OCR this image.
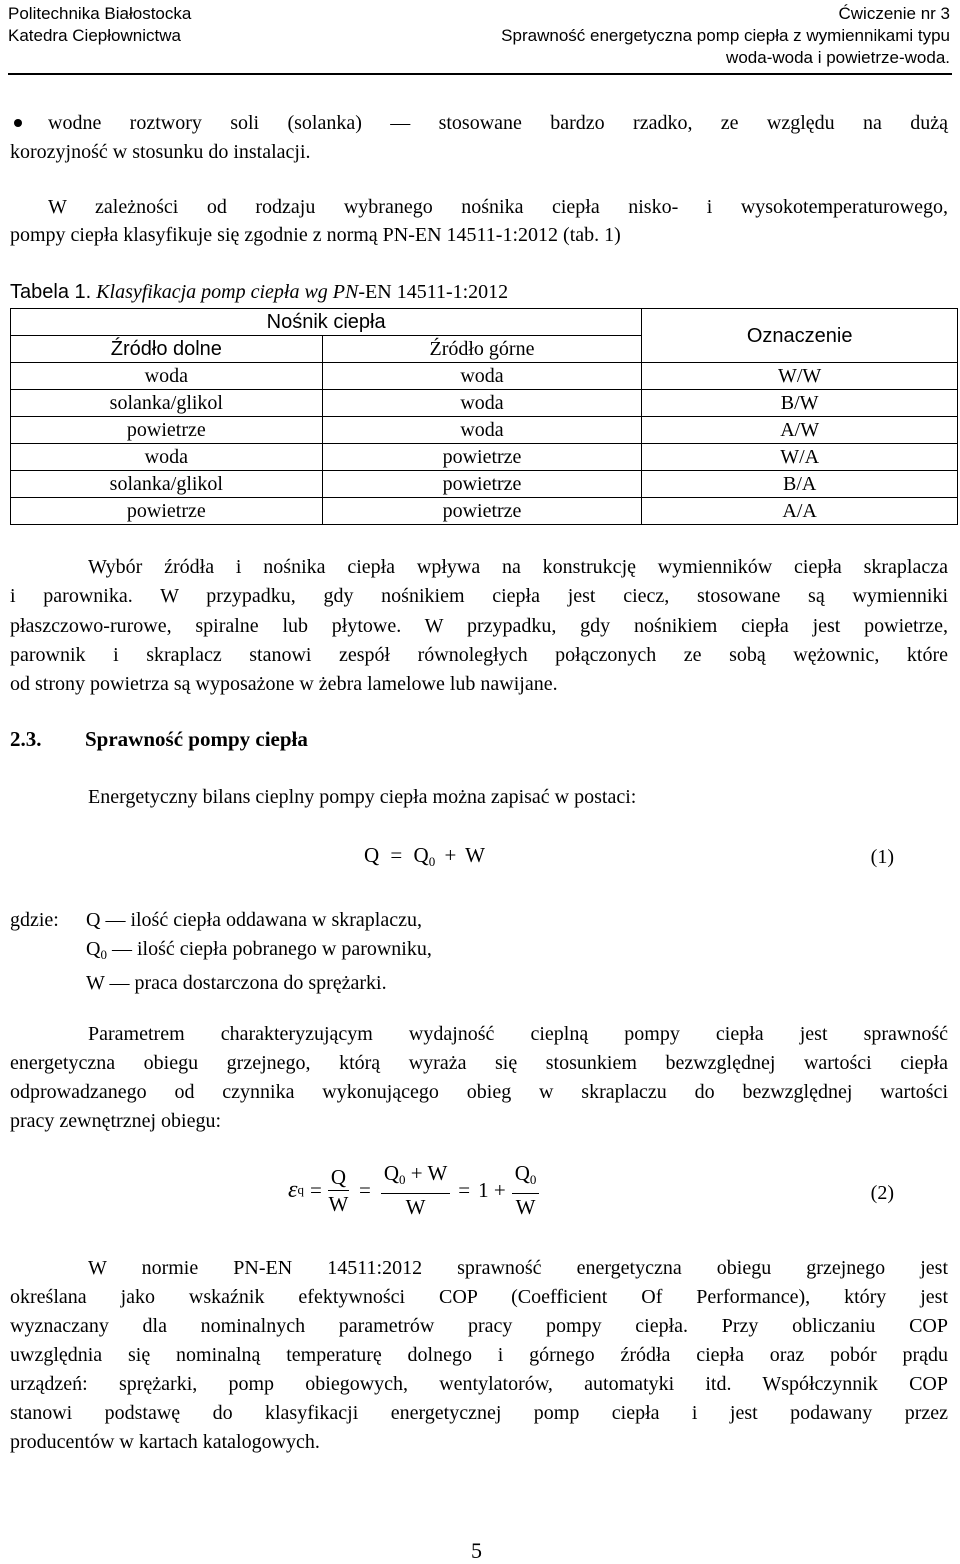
Politechnika Białostocka
Katedra Ciepłownictwa
Ćwiczenie nr 3
Sprawność energetyczna pomp ciepła z wymiennikami typu
woda-woda i powietrze-woda.
wodne roztwory soli (solanka) — stosowane bardzo rzadko, ze względu na dużą
korozyjność w stosunku do instalacji.
W zależności od rodzaju wybranego nośnika ciepła nisko- i wysokotemperaturowego,
pompy ciepła klasyfikuje się zgodnie z normą PN-EN 14511-1:2012 (tab. 1)
Tabela 1. Klasyfikacja pomp ciepła wg PN-EN 14511-1:2012
Nośnik ciepła		Oznaczenie
Źródło dolne	Źródło górne	
woda	woda	W/W
solanka/glikol	woda	B/W
powietrze	woda	A/W
woda	powietrze	W/A
solanka/glikol	powietrze	B/A
powietrze	powietrze	A/A
Wybór źródła i nośnika ciepła wpływa na konstrukcję wymienników ciepła skraplacza
i parownika. W przypadku, gdy nośnikiem ciepła jest ciecz, stosowane są wymienniki
płaszczowo-rurowe, spiralne lub płytowe. W przypadku, gdy nośnikiem ciepła jest powietrze,
parownik i skraplacz stanowi zespół równoległych połączonych ze sobą wężownic, które
od strony powietrza są wyposażone w żebra lamelowe lub nawijane.
2.3. Sprawność pompy ciepła
Energetyczny bilans cieplny pompy ciepła można zapisać w postaci:
$Q = Q_0 + W$	(1)
gdzie: Q — ilość ciepła oddawana w skraplaczu,
$Q_0$ — ilość ciepła pobranego w parowniku,
W — praca dostarczona do sprężarki.
Parametrem charakteryzującym wydajność cieplną pompy ciepła jest sprawność
energetyczna obiegu grzejnego, którą wyraża się stosunkiem bezwzględnej wartości ciepła
odprowadzanego od czynnika wykonującego obieg w skraplaczu do bezwzględnej wartości
pracy zewnętrznej obiegu:
ε $q = \frac{Q}{W} = \frac{Q_0 + W}{W} = 1 + \frac{Q_0}{W}$	(2)
W normie PN-EN 14511:2012 sprawność energetyczna obiegu grzejnego jest
określana jako wskaźnik efektywności COP (Coefficient Of Performance), który jest
wyznaczany dla nominalnych parametrów pracy pompy ciepła. Przy obliczaniu COP
uwzględnia się nominalną temperaturę dolnego i górnego źródła ciepła oraz pobór prądu
urządzeń: sprężarki, pomp obiegowych, wentylatorów, automatyki itd. Współczynnik COP
stanowi podstawę do klasyfikacji energetycznej pomp ciepła i jest podawany przez
producentów w kartach katalogowych.
5
